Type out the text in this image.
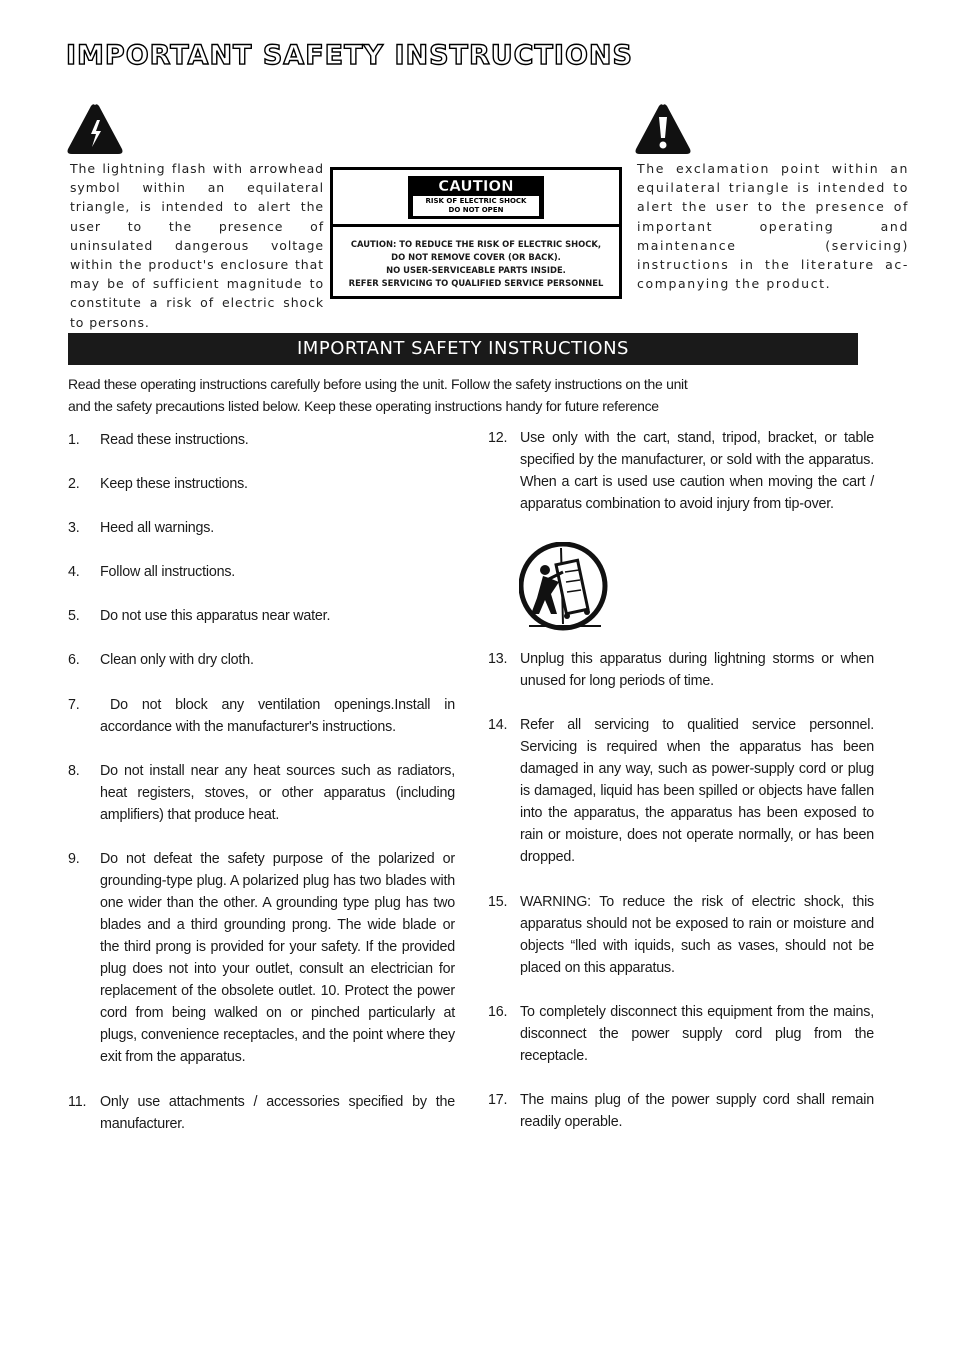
IMPORTANT SAFETY INSTRUCTIONS
The lightning flash with arrowhead symbol within an equilateral triangle, is intended to alert the user to the presence of uninsulated dangerous voltage within the product's enclosure that may be of sufficient magnitude to constitute a risk of electric shock to persons.
CAUTION
RISK OF ELECTRIC SHOCK
DO NOT OPEN
CAUTION: TO REDUCE THE RISK OF ELECTRIC SHOCK,
DO NOT REMOVE COVER (OR BACK).
NO USER-SERVICEABLE PARTS INSIDE.
REFER SERVICING TO QUALIFIED SERVICE PERSONNEL
The exclamation point within an equilateral triangle is intended to alert the user to the presence of important operating and maintenance (servicing) instructions in the literature ac-companying the product.
IMPORTANT SAFETY INSTRUCTIONS
Read these operating instructions carefully before using the unit. Follow the safety instructions on the unit
and the safety precautions listed below. Keep these operating instructions handy for future reference
1. Read these instructions.
2. Keep these instructions.
3. Heed all warnings.
4. Follow all instructions.
5. Do not use this apparatus near water.
6. Clean only with dry cloth.
7.	Do not block any ventilation openings.Install in accordance with the manufacturer's instructions.
8. Do not install near any heat sources such as radiators, heat registers, stoves, or other apparatus (including amplifiers) that produce heat.
9. Do not defeat the safety purpose of the polarized or grounding-type plug. A polarized plug has two blades with one wider than the other. A grounding type plug has two blades and a third grounding prong. The wide blade or the third prong is provided for your safety. If the provided plug does not into your outlet, consult an electrician for replacement of the obsolete outlet. 10. Protect the power cord from being walked on or pinched particularly at plugs, convenience receptacles, and the point where they exit from the apparatus.
11. Only use attachments / accessories specified by the manufacturer.
12. Use only with the cart, stand, tripod, bracket, or table specified by the manufacturer, or sold with the apparatus. When a cart is used use caution when moving the cart / apparatus combination to avoid injury from tip-over.
13. Unplug this apparatus during lightning storms or when unused for long periods of time.
14. Refer all servicing to qualitied service personnel. Servicing is required when the apparatus has been damaged in any way, such as power-supply cord or plug is damaged, liquid has been spilled or objects have fallen into the apparatus, the apparatus has been exposed to rain or moisture, does not operate normally, or has been dropped.
15. WARNING: To reduce the risk of electric shock, this apparatus should not be exposed to rain or moisture and objects “lled with iquids, such as vases, should not be placed on this apparatus.
16. To completely disconnect this equipment from the mains, disconnect the power supply cord plug from the receptacle.
17. The mains plug of the power supply cord shall remain readily operable.
